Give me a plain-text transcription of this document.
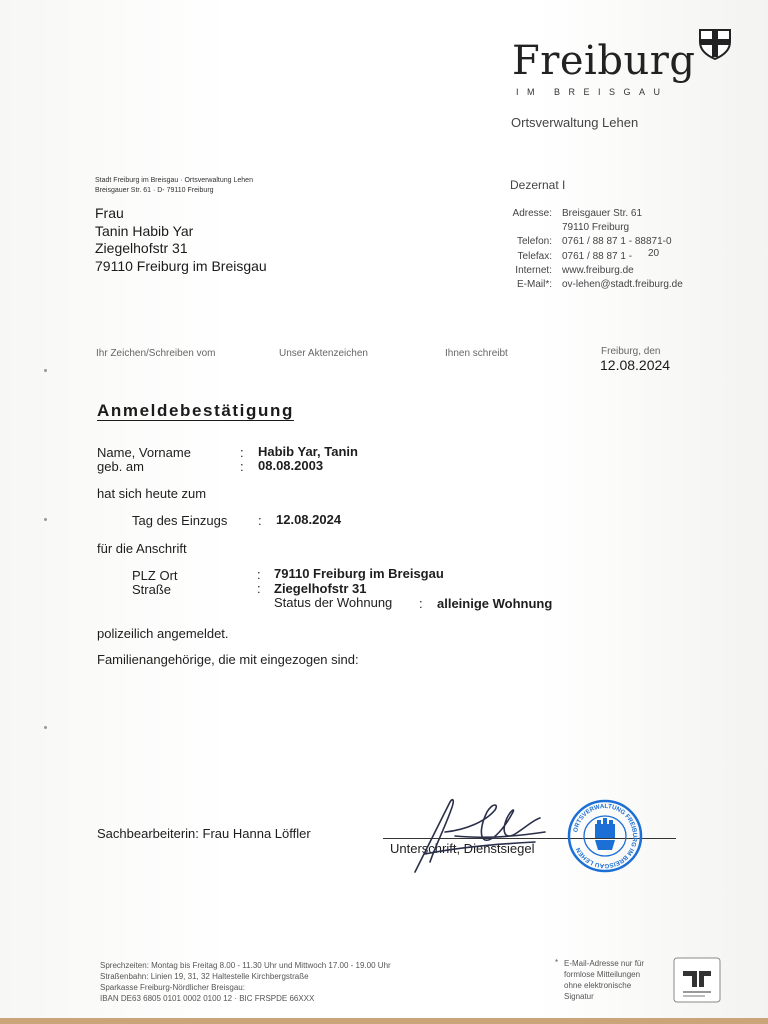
Freiburg
IM BREISGAU
Ortsverwaltung Lehen
Stadt Freiburg im Breisgau · Ortsverwaltung Lehen
Breisgauer Str. 61 · D- 79110 Freiburg
Frau
Tanin Habib Yar
Ziegelhofstr 31
79110 Freiburg im Breisgau
Dezernat I
Adresse: Breisgauer Str. 61
79110 Freiburg
Telefon: 0761 / 88 87 1 - 88871-0
Telefax: 0761 / 88 87 1 - 20
Internet: www.freiburg.de
E-Mail*: ov-lehen@stadt.freiburg.de
Ihr Zeichen/Schreiben vom	Unser Aktenzeichen	Ihnen schreibt	Freiburg, den
12.08.2024
Anmeldebestätigung
Name, Vorname	: Habib Yar, Tanin
geb. am	: 08.08.2003
hat sich heute zum
Tag des Einzugs : 12.08.2024
für die Anschrift
PLZ Ort	: 79110 Freiburg im Breisgau
Straße	: Ziegelhofstr 31
Status der Wohnung : alleinige Wohnung
polizeilich angemeldet.
Familienangehörige, die mit eingezogen sind:
Sachbearbeiterin: Frau Hanna Löffler
Unterschrift, Dienstsiegel
ORTSVERWALTUNG FREIBURG IM BREISGAU LEHEN
Sprechzeiten: Montag bis Freitag 8.00 - 11.30 Uhr und Mittwoch 17.00 - 19.00 Uhr
Straßenbahn: Linien 19, 31, 32 Haltestelle Kirchbergstraße
Sparkasse Freiburg-Nördlicher Breisgau:
IBAN DE63 6805 0101 0002 0100 12 · BIC FRSPDE 66XXX
* E-Mail-Adresse nur für
formlose Mitteilungen
ohne elektronische
Signatur
